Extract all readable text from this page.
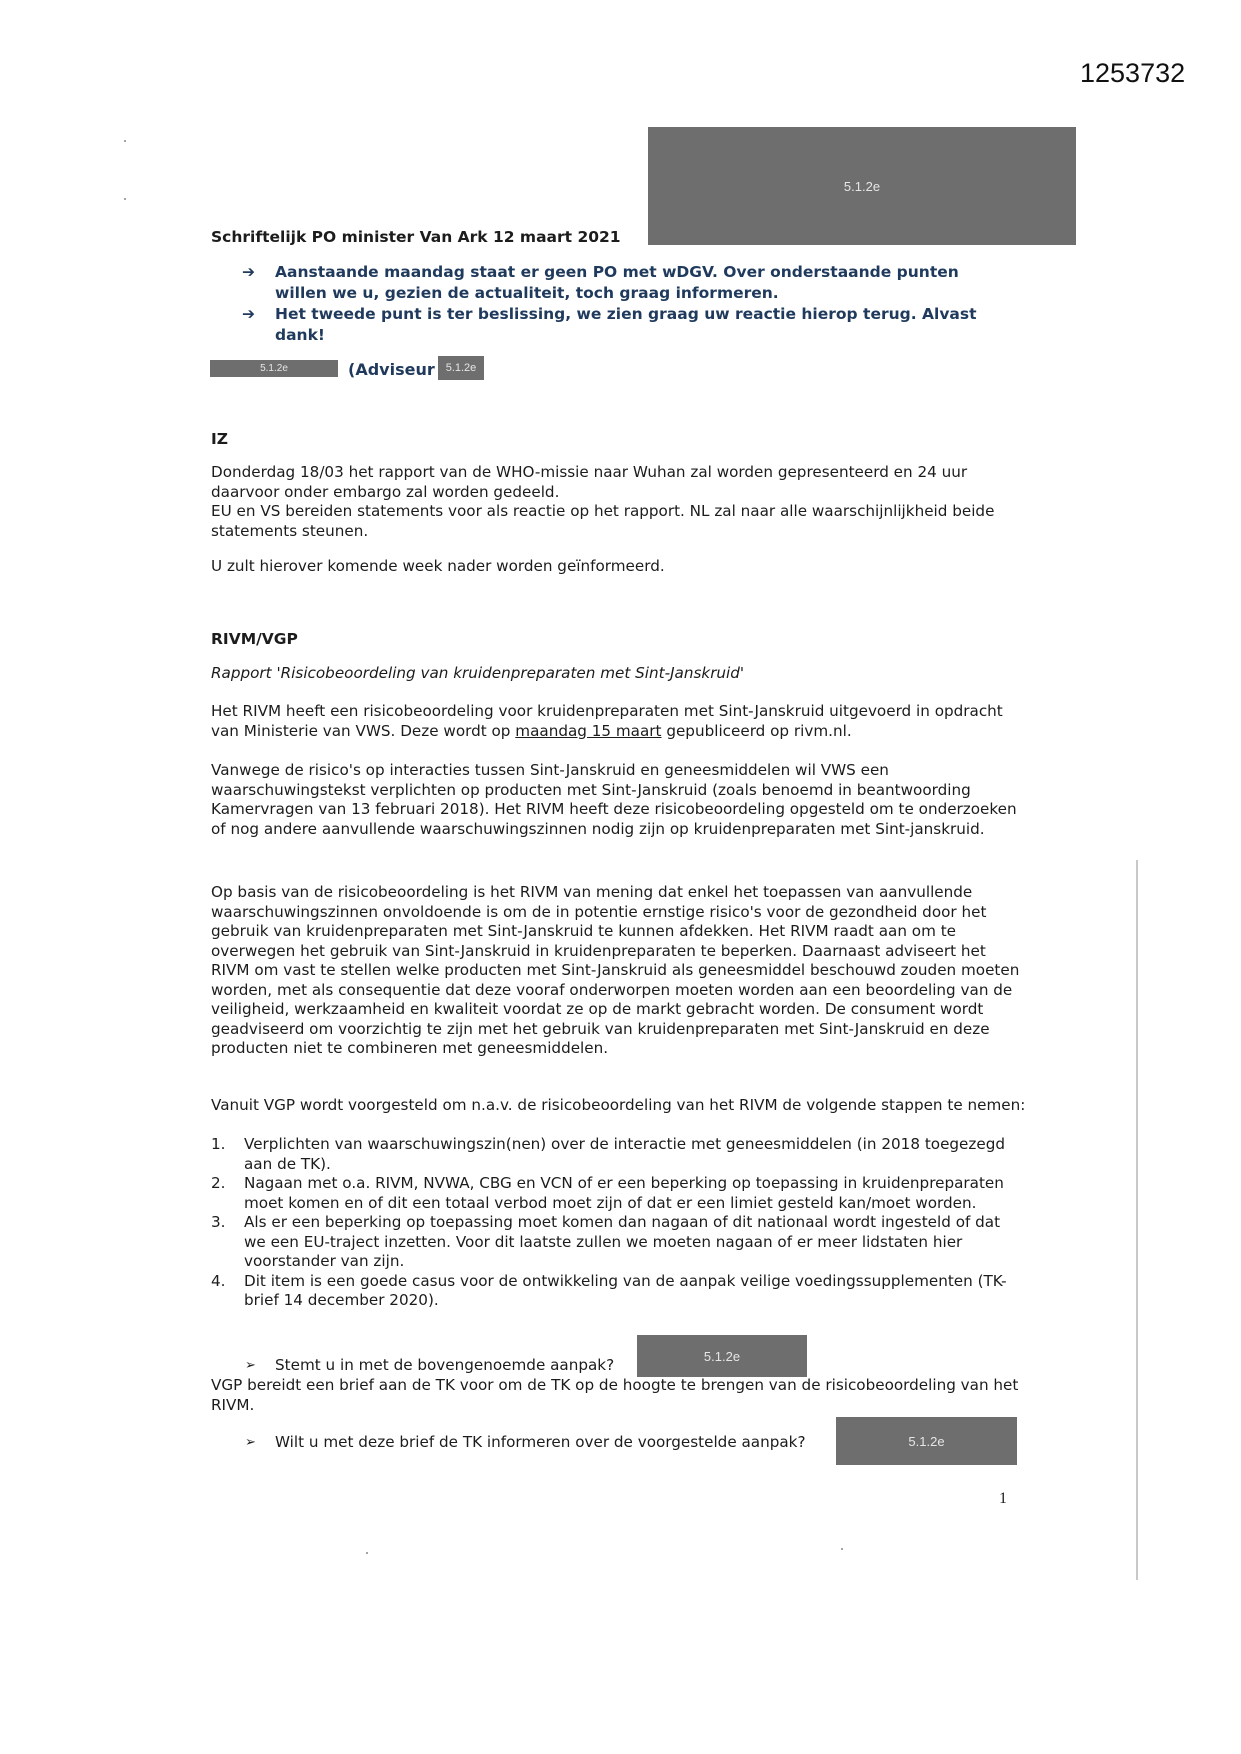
1253732
5.1.2e
Schriftelijk PO minister Van Ark 12 maart 2021
➔	Aanstaande maandag staat er geen PO met wDGV. Over onderstaande punten willen we u, gezien de actualiteit, toch graag informeren.
➔	Het tweede punt is ter beslissing, we zien graag uw reactie hierop terug. Alvast dank!
5.1.2e	(Adviseur 5.1.2e
IZ

Donderdag 18/03 het rapport van de WHO-missie naar Wuhan zal worden gepresenteerd en 24 uur daarvoor onder embargo zal worden gedeeld.

EU en VS bereiden statements voor als reactie op het rapport. NL zal naar alle waarschijnlijkheid beide statements steunen.

U zult hierover komende week nader worden geïnformeerd.

RIVM/VGP

Rapport 'Risicobeoordeling van kruidenpreparaten met Sint-Janskruid'

Het RIVM heeft een risicobeoordeling voor kruidenpreparaten met Sint-Janskruid uitgevoerd in opdracht van Ministerie van VWS. Deze wordt op maandag 15 maart gepubliceerd op rivm.nl.

Vanwege de risico's op interacties tussen Sint-Janskruid en geneesmiddelen wil VWS een waarschuwingstekst verplichten op producten met Sint-Janskruid (zoals benoemd in beantwoording Kamervragen van 13 februari 2018). Het RIVM heeft deze risicobeoordeling opgesteld om te onderzoeken of nog andere aanvullende waarschuwingszinnen nodig zijn op kruidenpreparaten met Sint-janskruid.

Op basis van de risicobeoordeling is het RIVM van mening dat enkel het toepassen van aanvullende waarschuwingszinnen onvoldoende is om de in potentie ernstige risico's voor de gezondheid door het gebruik van kruidenpreparaten met Sint-Janskruid te kunnen afdekken. Het RIVM raadt aan om te overwegen het gebruik van Sint-Janskruid in kruidenpreparaten te beperken. Daarnaast adviseert het RIVM om vast te stellen welke producten met Sint-Janskruid als geneesmiddel beschouwd zouden moeten worden, met als consequentie dat deze vooraf onderworpen moeten worden aan een beoordeling van de veiligheid, werkzaamheid en kwaliteit voordat ze op de markt gebracht worden. De consument wordt geadviseerd om voorzichtig te zijn met het gebruik van kruidenpreparaten met Sint-Janskruid en deze producten niet te combineren met geneesmiddelen.

Vanuit VGP wordt voorgesteld om n.a.v. de risicobeoordeling van het RIVM de volgende stappen te nemen:

1.	Verplichten van waarschuwingszin(nen) over de interactie met geneesmiddelen (in 2018 toegezegd aan de TK).
2.	Nagaan met o.a. RIVM, NVWA, CBG en VCN of er een beperking op toepassing in kruidenpreparaten moet komen en of dit een totaal verbod moet zijn of dat er een limiet gesteld kan/moet worden.
3.	Als er een beperking op toepassing moet komen dan nagaan of dit nationaal wordt ingesteld of dat we een EU-traject inzetten. Voor dit laatste zullen we moeten nagaan of er meer lidstaten hier voorstander van zijn.
4.	Dit item is een goede casus voor de ontwikkeling van de aanpak veilige voedingssupplementen (TK-brief 14 december 2020).
➢	Stemt u in met de bovengenoemde aanpak?	5.1.2e

VGP bereidt een brief aan de TK voor om de TK op de hoogte te brengen van de risicobeoordeling van het RIVM.

➢	Wilt u met deze brief de TK informeren over de voorgestelde aanpak?	5.1.2e
1
